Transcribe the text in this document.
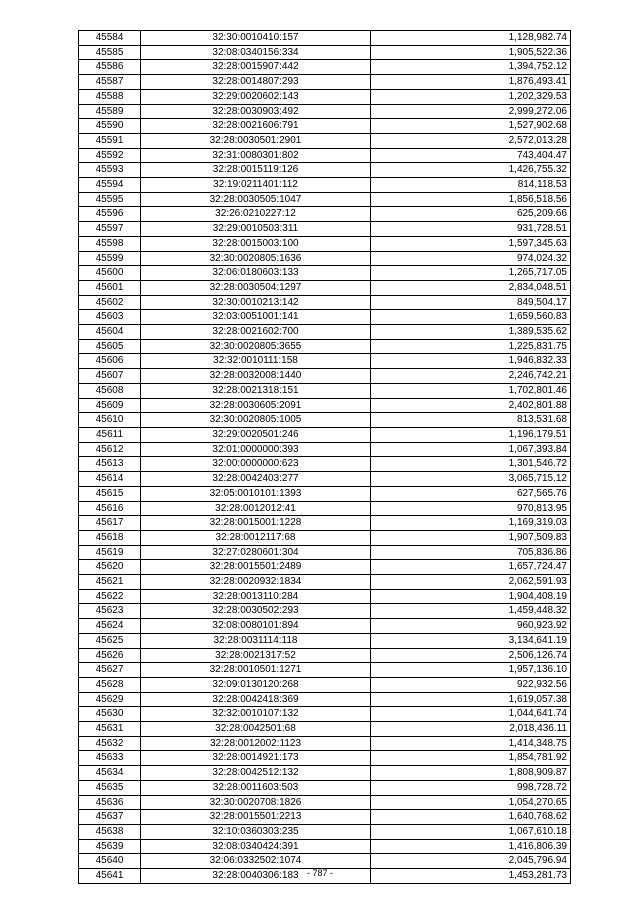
45584	32:30:0010410:157	1,128,982.74
45585	32:08:0340156:334	1,905,522.36
45586	32:28:0015907:442	1,394,752.12
45587	32:28:0014807:293	1,876,493.41
45588	32:29:0020602:143	1,202,329.53
45589	32:28:0030903:492	2,999,272.06
45590	32:28:0021606:791	1,527,902.68
45591	32:28:0030501:2901	2,572,013.28
45592	32:31:0080301:802	743,404.47
45593	32:28:0015119:126	1,426,755.32
45594	32:19:0211401:112	814,118.53
45595	32:28:0030505:1047	1,856,518.56
45596	32:26:0210227:12	625,209.66
45597	32:29:0010503:311	931,728.51
45598	32:28:0015003:100	1,597,345.63
45599	32:30:0020805:1636	974,024.32
45600	32:06:0180603:133	1,265,717.05
45601	32:28:0030504:1297	2,834,048.51
45602	32:30:0010213:142	849,504.17
45603	32:03:0051001:141	1,659,560.83
45604	32:28:0021602:700	1,389,535.62
45605	32:30:0020805:3655	1,225,831.75
45606	32:32:0010111:158	1,946,832.33
45607	32:28:0032008:1440	2,246,742.21
45608	32:28:0021318:151	1,702,801.46
45609	32:28:0030605:2091	2,402,801.88
45610	32:30:0020805:1005	813,531.68
45611	32:29:0020501:246	1,196,179.51
45612	32:01:0000000:393	1,067,393.84
45613	32:00:0000000:623	1,301,546.72
45614	32:28:0042403:277	3,065,715.12
45615	32:05:0010101:1393	627,565.76
45616	32:28:0012012:41	970,813.95
45617	32:28:0015001:1228	1,169,319.03
45618	32:28:0012117:68	1,907,509.83
45619	32:27:0280601:304	705,836.86
45620	32:28:0015501:2489	1,657,724.47
45621	32:28:0020932:1834	2,062,591.93
45622	32:28:0013110:284	1,904,408.19
45623	32:28:0030502:293	1,459,448.32
45624	32:08:0080101:894	960,923.92
45625	32:28:0031114:118	3,134,641.19
45626	32:28:0021317:52	2,506,126.74
45627	32:28:0010501:1271	1,957,136.10
45628	32:09:0130120:268	922,932.56
45629	32:28:0042418:369	1,619,057.38
45630	32:32:0010107:132	1,044,641.74
45631	32:28:0042501:68	2,018,436.11
45632	32:28:0012002:1123	1,414,348.75
45633	32:28:0014921:173	1,854,781.92
45634	32:28:0042512:132	1,808,909.87
45635	32:28:0011603:503	998,728.72
45636	32:30:0020708:1826	1,054,270.65
45637	32:28:0015501:2213	1,640,768.62
45638	32:10:0360303:235	1,067,610.18
45639	32:08:0340424:391	1,416,806.39
45640	32:06:0332502:1074	2,045,796.94
45641	32:28:0040306:183	1,453,281.73
- 787 -
